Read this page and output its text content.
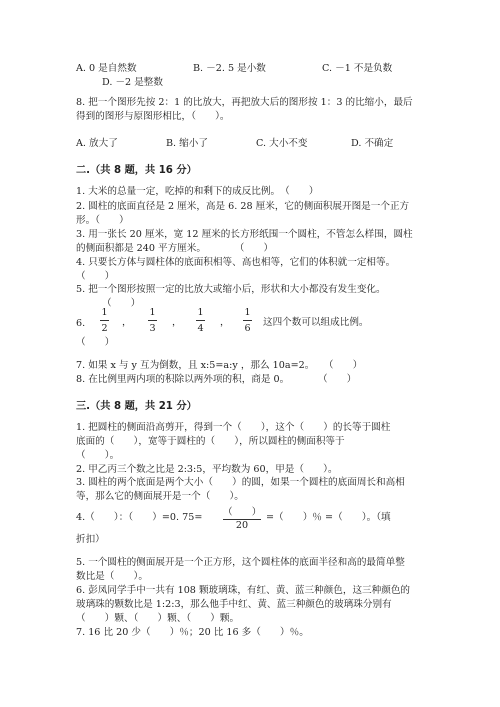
A. 0 是自然数	B. －2. 5 是小数	C. －1 不是负数
D. －2 是整数
8. 把一个图形先按 2：1 的比放大，再把放大后的图形按 1：3 的比缩小，最后
得到的图形与原图形相比，（　　）。
A. 放大了	B. 缩小了	C. 大小不变	D. 不确定
二.（共 8 题，共 16 分）
1. 大米的总量一定，吃掉的和剩下的成反比例。　（　　）
2. 圆柱的底面直径是 2 厘米，高是 6. 28 厘米，它的侧面积展开图是一个正方
形。（　　）
3. 用一张长 20 厘米，宽 12 厘米的长方形纸围一个圆柱，不管怎么样围，圆柱
的侧面积都是 240 平方厘米。　　　　（　　）
4. 只要长方体与圆柱体的底面积相等、高也相等，它们的体积就一定相等。
（　　）
5. 把一个图形按照一定的比放大或缩小后，形状和大小都没有发生变化。
（　　）
6.
1
2
，
1
3
，
1
4
，
1
6
这四个数可以组成比例。
（　　）
7. 如果 x 与 y 互为倒数，且 x:5=a:y ，那么 10a=2。　　（　　）
8. 在比例里两内项的积除以两外项的积，商是 0。　　　　（　　）
三.（共 8 题，共 21 分）
1. 把圆柱的侧面沿高剪开，得到一个（　　），这个（　　）的长等于圆柱
底面的（　　），宽等于圆柱的（　　），所以圆柱的侧面积等于
（　　）。
2. 甲乙丙三个数之比是 2:3:5，平均数为 60，甲是（　　）。
3. 圆柱的两个底面是两个大小（　　）的圆，如果一个圆柱的底面周长和高相
等，那么它的侧面展开是一个（　　）。
4.（　　）：（　　）=0. 75= （　　）
20
=（　　）％ =（　　）。（填
折扣）
5. 一个圆柱的侧面展开是一个正方形，这个圆柱体的底面半径和高的最简单整
数比是（　　）。
6. 彭凤同学手中一共有 108 颗玻璃珠，有红、黄、蓝三种颜色，这三种颜色的
玻璃珠的颗数比是 1:2:3，那么他手中红、黄、蓝三种颜色的玻璃珠分别有
（　　）颗、（　　）颗、（　　）颗。
7. 16 比 20 少（　　）％；20 比 16 多（　　）％。
